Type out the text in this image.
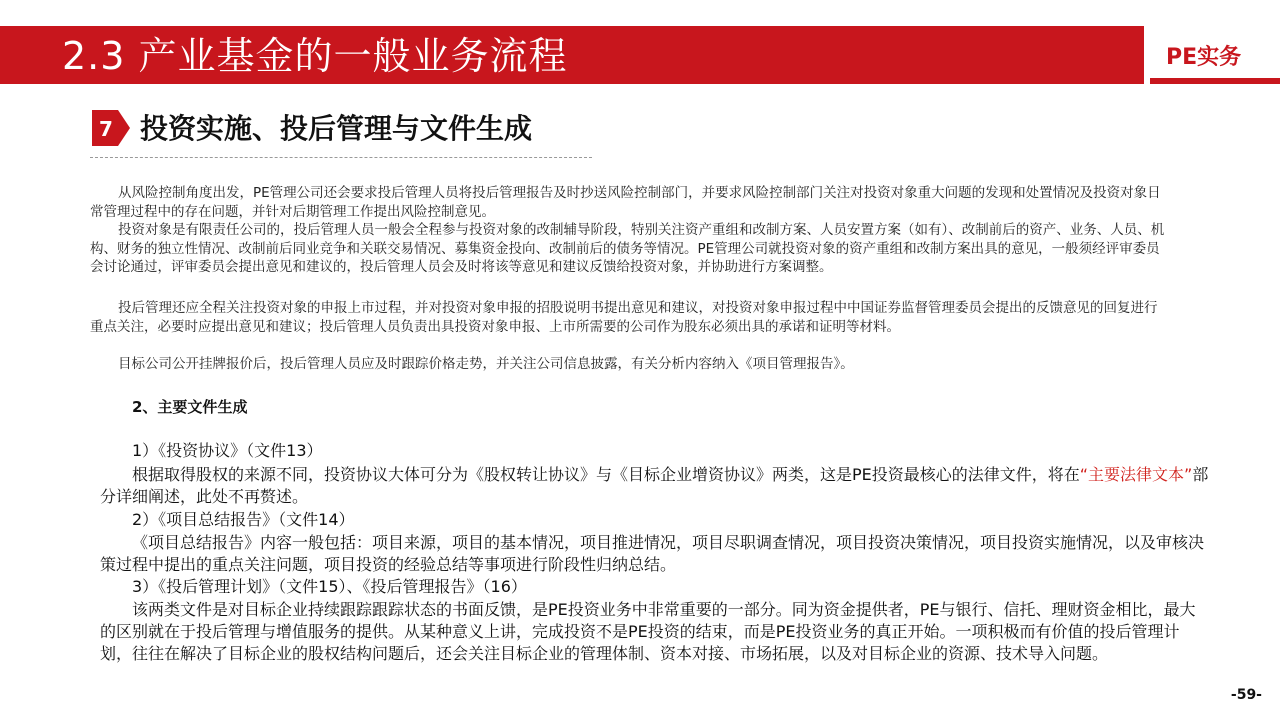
2.3 产业基金的一般业务流程	PE实务
7 投资实施、投后管理与文件生成

从风险控制角度出发，PE管理公司还会要求投后管理人员将投后管理报告及时抄送风险控制部门，并要求风险控制部门关注对投资对象重大问题的发现和处置情况及投资对象日常管理过程中的存在问题，并针对后期管理工作提出风险控制意见。

投资对象是有限责任公司的，投后管理人员一般会全程参与投资对象的改制辅导阶段，特别关注资产重组和改制方案、人员安置方案（如有）、改制前后的资产、业务、人员、机构、财务的独立性情况、改制前后同业竞争和关联交易情况、募集资金投向、改制前后的债务等情况。PE管理公司就投资对象的资产重组和改制方案出具的意见，一般须经评审委员会讨论通过，评审委员会提出意见和建议的，投后管理人员会及时将该等意见和建议反馈给投资对象，并协助进行方案调整。

投后管理还应全程关注投资对象的申报上市过程，并对投资对象申报的招股说明书提出意见和建议，对投资对象申报过程中中国证券监督管理委员会提出的反馈意见的回复进行重点关注，必要时应提出意见和建议；投后管理人员负责出具投资对象申报、上市所需要的公司作为股东必须出具的承诺和证明等材料。

目标公司公开挂牌报价后，投后管理人员应及时跟踪价格走势，并关注公司信息披露，有关分析内容纳入《项目管理报告》。

2、主要文件生成

1）《投资协议》（文件13）

根据取得股权的来源不同，投资协议大体可分为《股权转让协议》与《目标企业增资协议》两类，这是PE投资最核心的法律文件，将在“主要法律文本”部分详细阐述，此处不再赘述。

2）《项目总结报告》（文件14）

《项目总结报告》内容一般包括：项目来源，项目的基本情况，项目推进情况，项目尽职调查情况，项目投资决策情况，项目投资实施情况，以及审核决策过程中提出的重点关注问题，项目投资的经验总结等事项进行阶段性归纳总结。

3）《投后管理计划》（文件15）、《投后管理报告》（16）

该两类文件是对目标企业持续跟踪跟踪状态的书面反馈，是PE投资业务中非常重要的一部分。同为资金提供者，PE与银行、信托、理财资金相比，最大的区别就在于投后管理与增值服务的提供。从某种意义上讲，完成投资不是PE投资的结束，而是PE投资业务的真正开始。一项积极而有价值的投后管理计划，往往在解决了目标企业的股权结构问题后，还会关注目标企业的管理体制、资本对接、市场拓展，以及对目标企业的资源、技术导入问题。

-59-
